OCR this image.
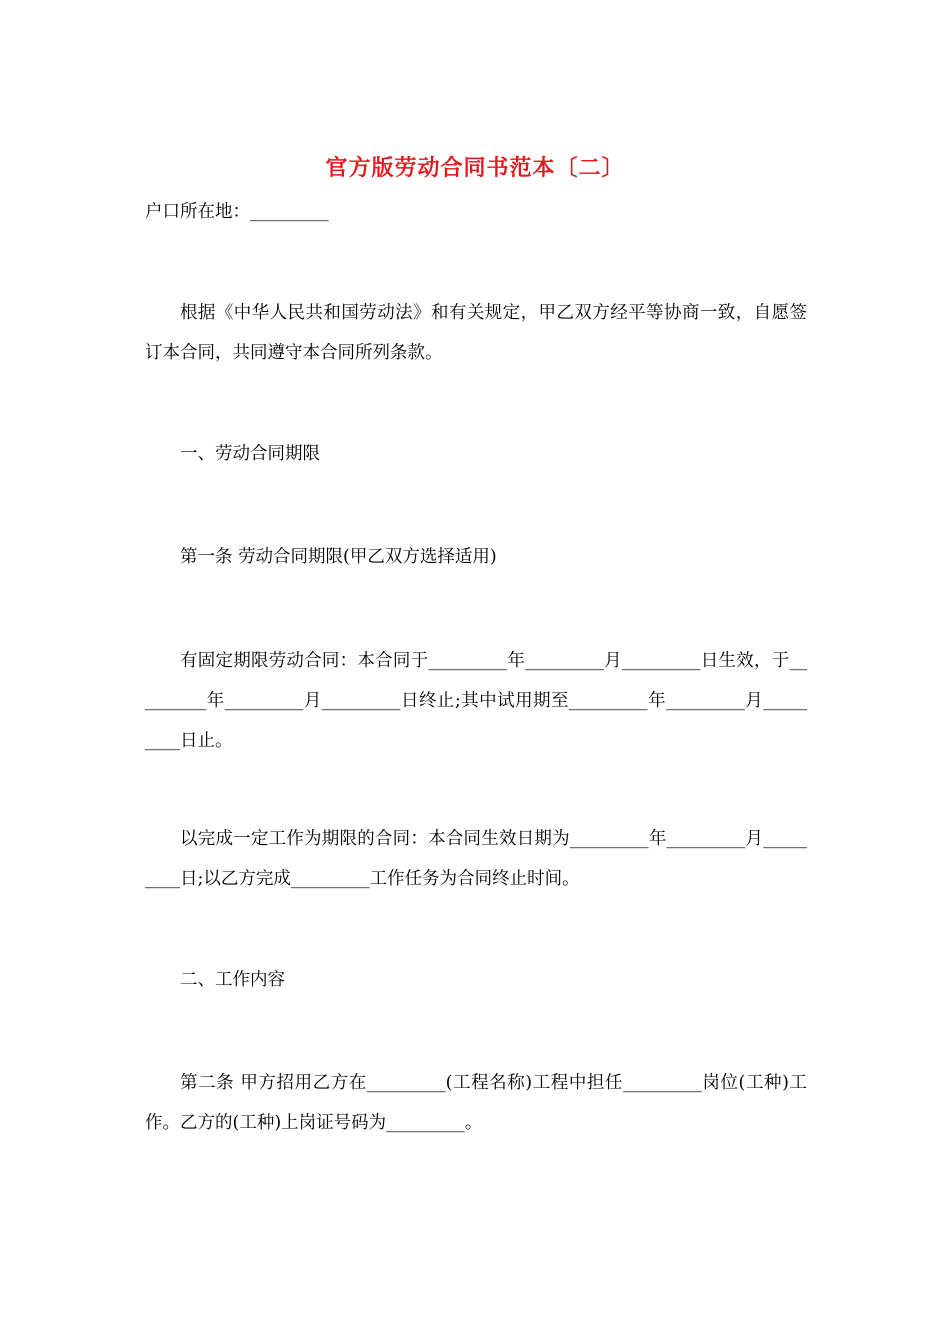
官方版劳动合同书范本〔二〕
户口所在地：_________
根据《中华人民共和国劳动法》和有关规定，甲乙双方经平等协商一致，自愿签订本合同，共同遵守本合同所列条款。
一、劳动合同期限
第一条 劳动合同期限(甲乙双方选择适用)
有固定期限劳动合同：本合同于_________年_________月_________日生效，于_________年_________月_________日终止;其中试用期至_________年_________月_________日止。
以完成一定工作为期限的合同：本合同生效日期为_________年_________月_________日;以乙方完成_________工作任务为合同终止时间。
二、工作内容
第二条 甲方招用乙方在_________(工程名称)工程中担任_________岗位(工种)工作。乙方的(工种)上岗证号码为_________。
